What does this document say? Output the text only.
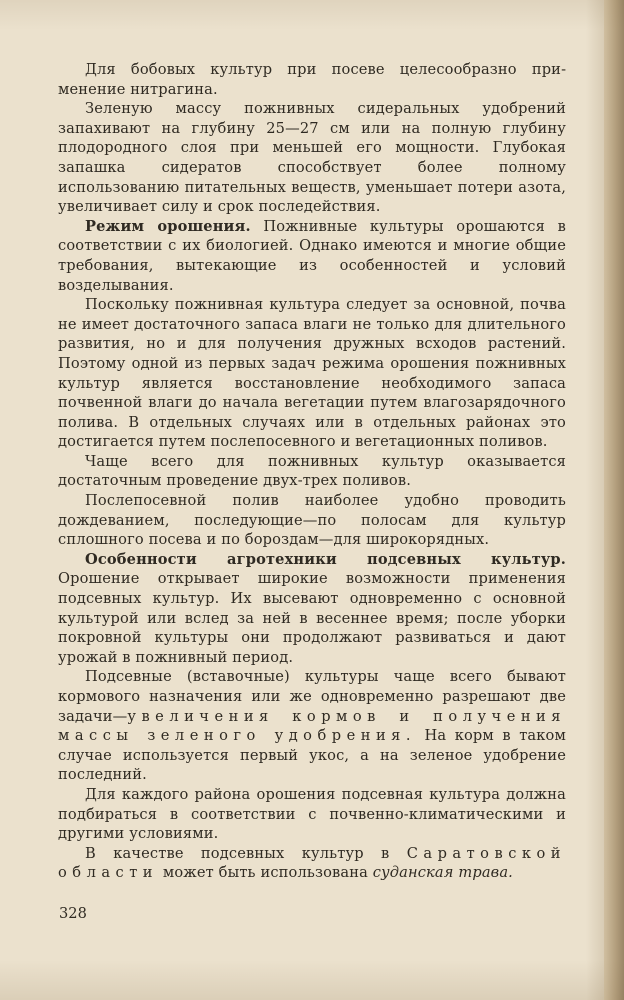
Для бобовых культур при посеве целесообразно применение нитрагина.

Зеленую массу пожнивных сидеральных удобрений запахивают на глубину 25—27 см или на полную глубину плодородного слоя при меньшей его мощности. Глубокая запашка сидератов способствует более полному использованию питательных веществ, уменьшает потери азота, увеличивает силу и срок последействия.

Режим орошения. Пожнивные культуры орошаются в соответствии с их биологией. Однако имеются и многие общие требования, вытекающие из особенностей и условий возделывания.

Поскольку пожнивная культура следует за основной, почва не имеет достаточного запаса влаги не только для длительного развития, но и для получения дружных всходов растений. Поэтому одной из первых задач режима орошения пожнивных культур является восстановление необходимого запаса почвенной влаги до начала вегетации путем влагозарядочного полива. В отдельных случаях или в отдельных районах это достигается путем послепосевного и вегетационных поливов.

Чаще всего для пожнивных культур оказывается достаточным проведение двух-трех поливов.

Послепосевной полив наиболее удобно проводить дождеванием, последующие—по полосам для культур сплошного посева и по бороздам—для широкорядных.

Особенности агротехники подсевных культур. Орошение открывает широкие возможности применения подсевных культур. Их высевают одновременно с основной культурой или вслед за ней в весеннее время; после уборки покровной культуры они продолжают развиваться и дают урожай в пожнивный период.

Подсевные (вставочные) культуры чаще всего бывают кормового назначения или же одновременно разрешают две задачи—увеличения кормов и получения массы зеленого удобрения. На корм в таком случае используется первый укос, а на зеленое удобрение последний.

Для каждого района орошения подсевная культура должна подбираться в соответствии с почвенно-климатическими и другими условиями.

В качестве подсевных культур в Саратовской области может быть использована суданская трава.

328
